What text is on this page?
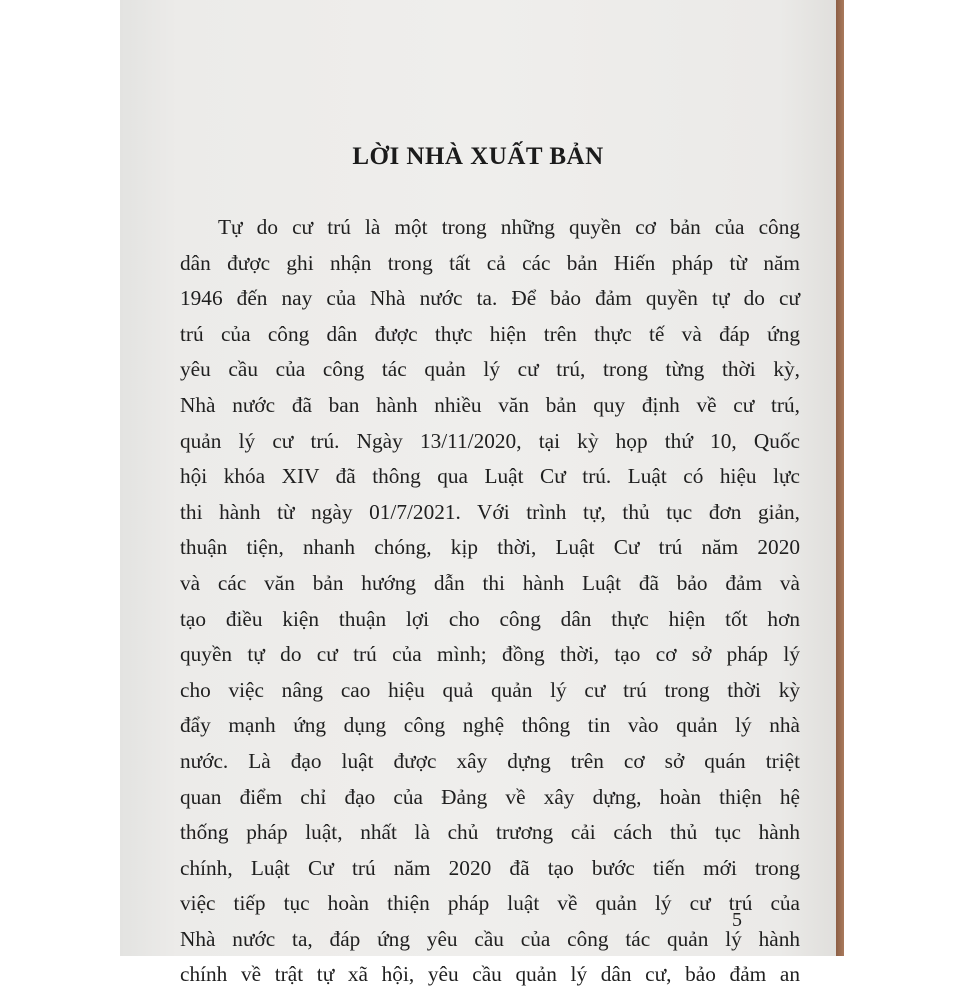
LỜI NHÀ XUẤT BẢN
Tự do cư trú là một trong những quyền cơ bản của công
dân được ghi nhận trong tất cả các bản Hiến pháp từ năm
1946 đến nay của Nhà nước ta. Để bảo đảm quyền tự do cư
trú của công dân được thực hiện trên thực tế và đáp ứng
yêu cầu của công tác quản lý cư trú, trong từng thời kỳ,
Nhà nước đã ban hành nhiều văn bản quy định về cư trú,
quản lý cư trú. Ngày 13/11/2020, tại kỳ họp thứ 10, Quốc
hội khóa XIV đã thông qua Luật Cư trú. Luật có hiệu lực
thi hành từ ngày 01/7/2021. Với trình tự, thủ tục đơn giản,
thuận tiện, nhanh chóng, kịp thời, Luật Cư trú năm 2020
và các văn bản hướng dẫn thi hành Luật đã bảo đảm và
tạo điều kiện thuận lợi cho công dân thực hiện tốt hơn
quyền tự do cư trú của mình; đồng thời, tạo cơ sở pháp lý
cho việc nâng cao hiệu quả quản lý cư trú trong thời kỳ
đẩy mạnh ứng dụng công nghệ thông tin vào quản lý nhà
nước. Là đạo luật được xây dựng trên cơ sở quán triệt
quan điểm chỉ đạo của Đảng về xây dựng, hoàn thiện hệ
thống pháp luật, nhất là chủ trương cải cách thủ tục hành
chính, Luật Cư trú năm 2020 đã tạo bước tiến mới trong
việc tiếp tục hoàn thiện pháp luật về quản lý cư trú của
Nhà nước ta, đáp ứng yêu cầu của công tác quản lý hành
chính về trật tự xã hội, yêu cầu quản lý dân cư, bảo đảm an
5
